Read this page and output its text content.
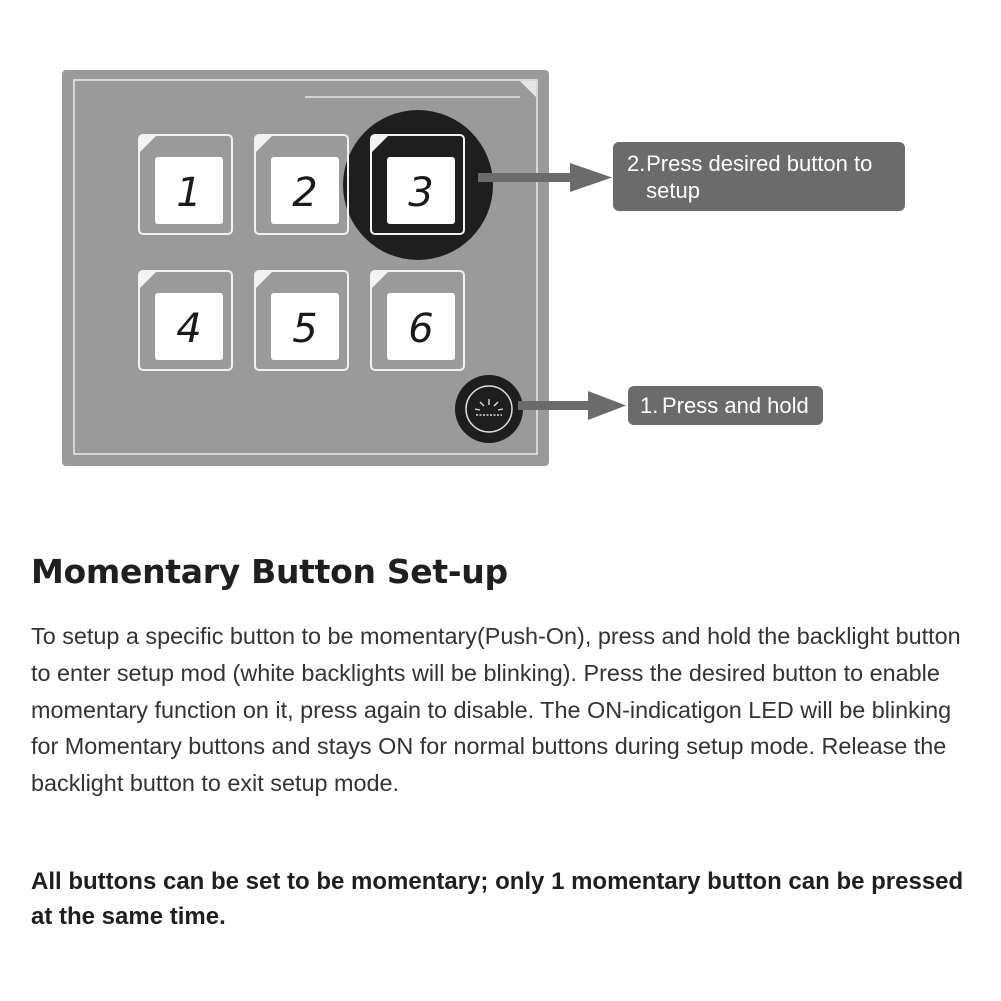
1 2 3
4 5 6
2. Press desired button to setup
1. Press and hold
Momentary Button Set-up

To setup a specific button to be momentary(Push-On), press and hold the backlight button to enter setup mod (white backlights will be blinking). Press the desired button to enable momentary function on it, press again to disable. The ON-indicatigon LED will be blinking for Momentary buttons and stays ON for normal buttons during setup mode. Release the backlight button to exit setup mode.

All buttons can be set to be momentary; only 1 momentary button can be pressed at the same time.
